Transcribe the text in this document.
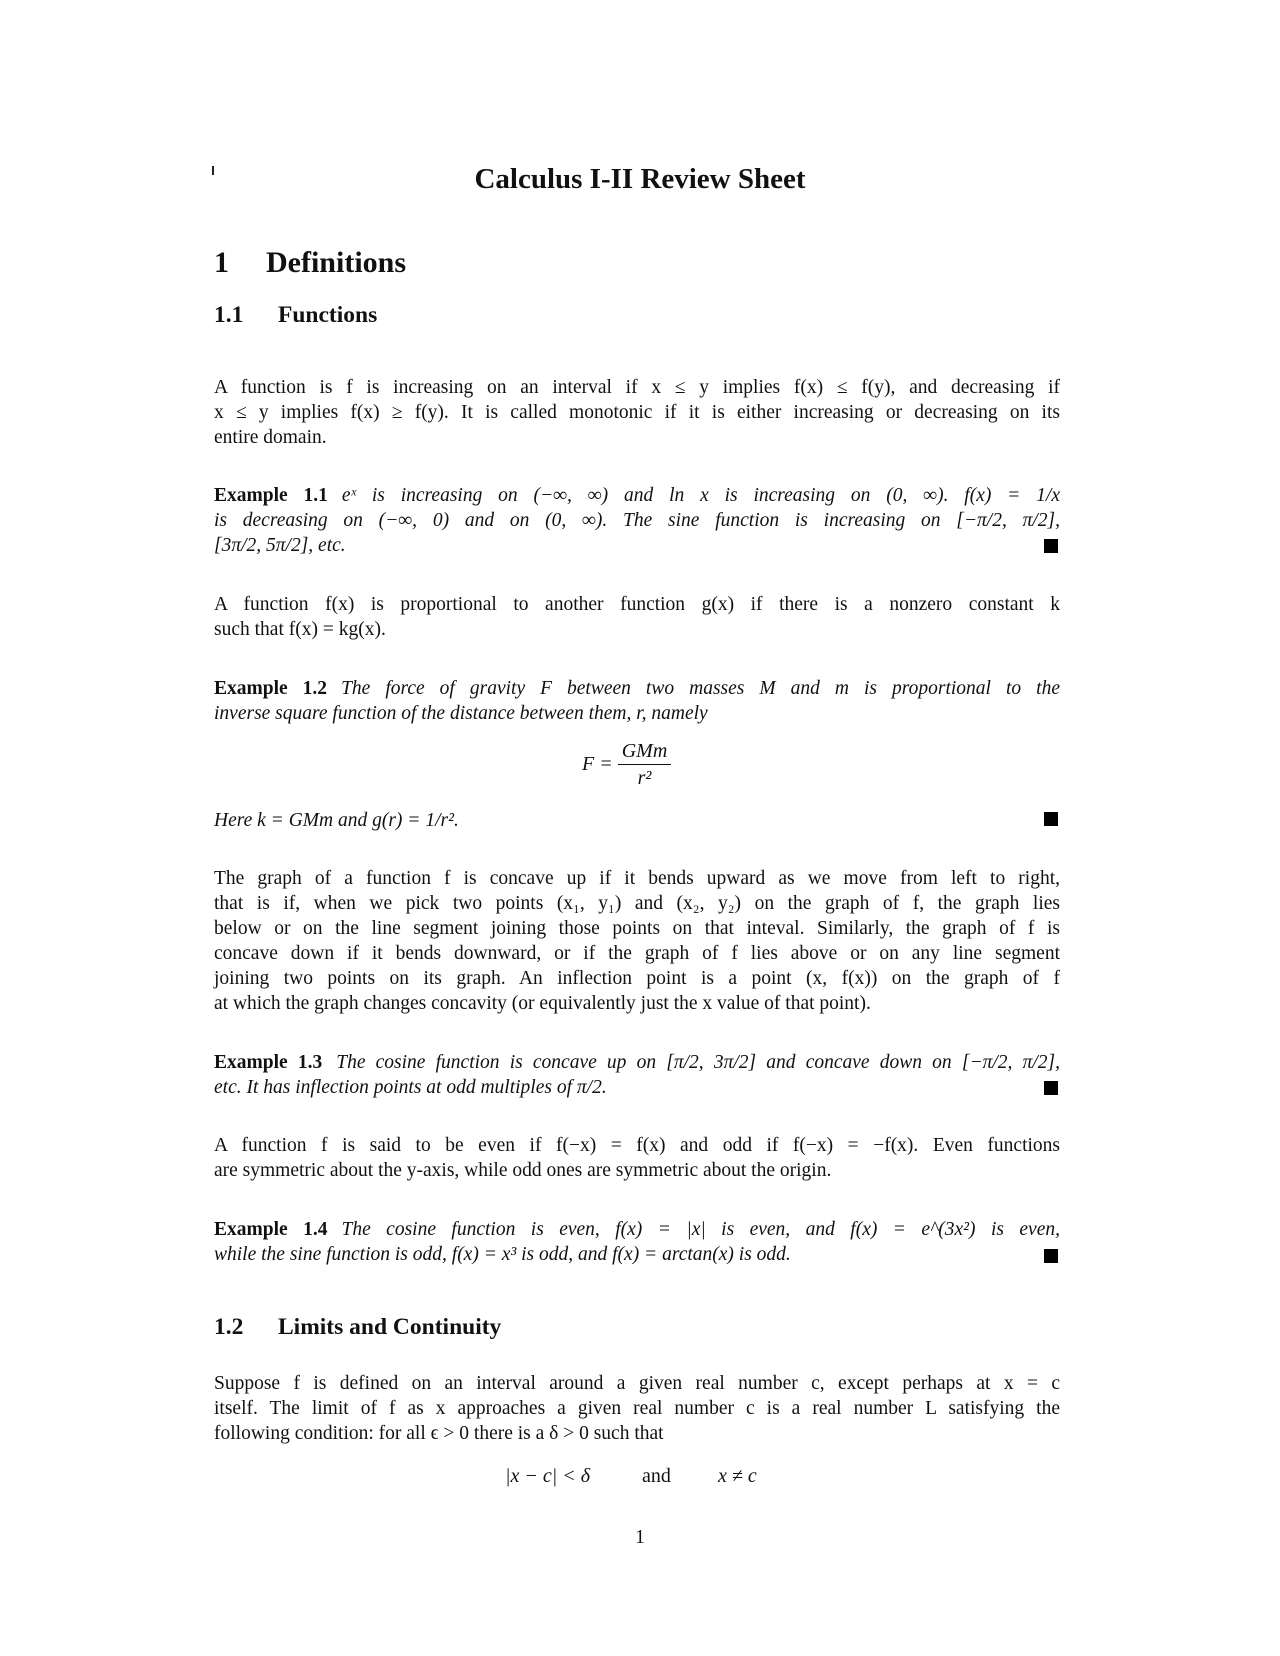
Calculus I-II Review Sheet
1 Definitions
1.1 Functions
A function is f is increasing on an interval if x ≤ y implies f(x) ≤ f(y), and decreasing if
x ≤ y implies f(x) ≥ f(y). It is called monotonic if it is either increasing or decreasing on its
entire domain.
Example 1.1 eˣ is increasing on (−∞, ∞) and ln x is increasing on (0, ∞). f(x) = 1/x
is decreasing on (−∞, 0) and on (0, ∞). The sine function is increasing on [−π/2, π/2],
[3π/2, 5π/2], etc.
A function f(x) is proportional to another function g(x) if there is a nonzero constant k
such that f(x) = kg(x).
Example 1.2 The force of gravity F between two masses M and m is proportional to the
inverse square function of the distance between them, r, namely
$F = \frac{\text{GMm}}{\text{r²}}$
Here k = GMm and g(r) = 1/r².
The graph of a function f is concave up if it bends upward as we move from left to right,
that is if, when we pick two points (x₁, y₁) and (x₂, y₂) on the graph of f, the graph lies
below or on the line segment joining those points on that inteval. Similarly, the graph of f is
concave down if it bends downward, or if the graph of f lies above or on any line segment
joining two points on its graph. An inflection point is a point (x, f(x)) on the graph of f
at which the graph changes concavity (or equivalently just the x value of that point).
Example 1.3 The cosine function is concave up on [π/2, 3π/2] and concave down on [−π/2, π/2],
etc. It has inflection points at odd multiples of π/2.
A function f is said to be even if f(−x) = f(x) and odd if f(−x) = −f(x). Even functions
are symmetric about the y-axis, while odd ones are symmetric about the origin.
Example 1.4 The cosine function is even, f(x) = |x| is even, and f(x) = e^(3x²) is even,
while the sine function is odd, f(x) = x³ is odd, and f(x) = arctan(x) is odd.
1.2 Limits and Continuity
Suppose f is defined on an interval around a given real number c, except perhaps at x = c
itself. The limit of f as x approaches a given real number c is a real number L satisfying the
following condition: for all ϵ > 0 there is a δ > 0 such that
|x − c| < δ	and x ≠ c
1
